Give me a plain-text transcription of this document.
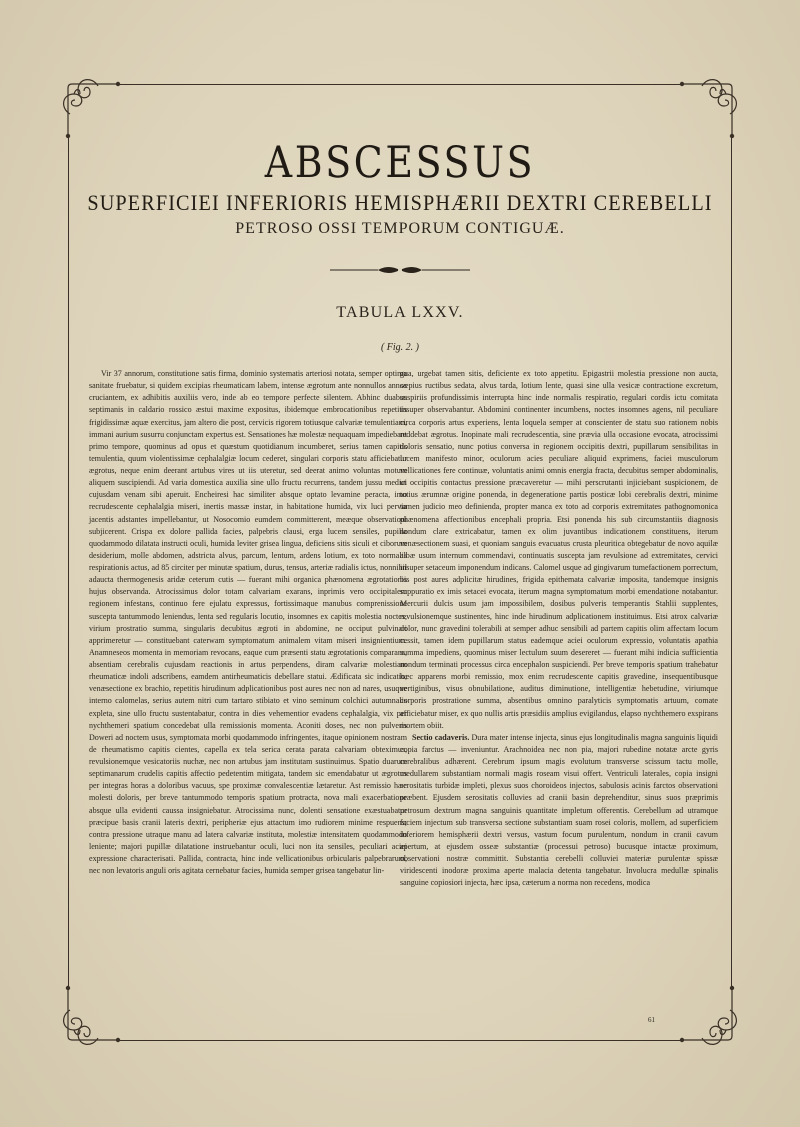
ABSCESSUS
SUPERFICIEI INFERIORIS HEMISPHÆRII DEXTRI CEREBELLI
PETROSO OSSI TEMPORUM CONTIGUÆ.
TABULA LXXV.
( Fig. 2. )

Vir 37 annorum, constitutione satis firma, dominio systematis arteriosi notata, semper optima sanitate fruebatur, si quidem excipias rheumaticam labem, intense ægrotum ante nonnullos annos cruciantem, ex adhibitis auxiliis vero, inde ab eo tempore perfecte silentem. Abhinc duabus septimanis in caldario rossico æstui maxime expositus, ibidemque embrocationibus repetitis frigidissimæ aquæ exercitus, jam altero die post, cervicis rigorem totiusque calvariæ temulentiam, immani aurium susurru conjunctam expertus est. Sensationes hæ molestæ nequaquam impediebant primo tempore, quominus ad opus et quæstum quotidianum incumberet, serius tamen capitis temulentia, quum violentissimæ cephalalgiæ locum cederet, singulari corporis statu afficiebatur ægrotus, neque enim deerant artubus vires ut iis uteretur, sed deerat animo voluntas motum aliquem suscipiendi. Ad varia domestica auxilia sine ullo fructu recurrens, tandem jussu medici cujusdam venam sibi aperuit. Encheiresi hac similiter absque optato levamine peracta, imo recrudescente cephalalgia miseri, inertis massæ instar, in habitatione humida, vix luci pervia jacentis adstantes impellebantur, ut Nosocomio eumdem committerent, meæque observationi subjicerent. Crispa ex dolore pallida facies, palpebris clausi, erga lucem sensiles, pupilla quodammodo dilatata instructi oculi, humida leviter grisea lingua, deficiens sitis siculi et ciborum desiderium, molle abdomen, adstricta alvus, parcum, lentum, ardens lotium, ex toto normalis respirationis actus, ad 85 circiter per minutæ spatium, durus, tensus, arteriæ radialis ictus, nonnihil adaucta thermogenesis aridæ ceterum cutis — fuerant mihi organica phænomena ægrotationis hujus observanda. Atrocissimus dolor totam calvariam exarans, inprimis vero occipitalem regionem infestans, continuo fere ejulatu expressus, fortissimaque manubus comprenissione suscepta tantummodo leniendus, lenta sed regularis locutio, insomnes ex capitis molestia noctes, virium prostratio summa, singularis decubitus ægroti in abdomine, ne occiput pulvinari apprimeretur — constituebant caterwam symptomatum animalem vitam miseri insignientium. Anamneseos momenta in memoriam revocans, eaque cum præsenti statu ægrotationis comparans, absentiam cerebralis cujusdam reactionis in artus perpendens, diram calvariæ molestiam rheumaticæ indoli adscribens, eamdem antirheumaticis debellare statui. Ædificata sic indicatio, venæsectione ex brachio, repetitis hirudinum adplicationibus post aures nec non ad nares, usuque interno calomelas, serius autem nitri cum tartaro stibiato et vino seminum colchici autumnalis expleta, sine ullo fructu sustentabatur, contra in dies vehementior evadens cephalalgia, vix per nychthemeri spatium concedebat ulla remissionis momenta. Aconiti doses, nec non pulveris Doweri ad noctem usus, symptomata morbi quodammodo infringentes, itaque opinionem nostram de rheumatismo capitis cientes, capella ex tela serica cerata parata calvariam obteximus, revulsionemque vesicatoriis nuchæ, nec non artubus jam institutam sustinuimus. Spatio duarum septimanarum crudelis capitis affectio pedetentim mitigata, tandem sic emendabatur ut ægrotus per integras horas a doloribus vacuus, spe proximæ convalescentiæ lætaretur. Ast remissio hæc molesti doloris, per breve tantummodo temporis spatium protracta, nova mali exacerbatione absque ulla evidenti caussa insigniebatur. Atrocissima nunc, dolenti sensatione exæstuabatur præcipue basis cranii lateris dextri, peripheriæ ejus attactum imo rudiorem minime respuens; contra pressione utraque manu ad latera calvariæ instituta, molestiæ intensitatem quodammodo leniente; majori pupillæ dilatatione instruebantur oculi, luci non ita sensiles, peculiari aciei expressione characterisati. Pallida, contracta, hinc inde vellicationibus orbicularis palpebrarum, nec non levatoris anguli oris agitata cernebatur facies, humida semper grisea tangebatur lin-

gua, urgebat tamen sitis, deficiente ex toto appetitu. Epigastrii molestia pressione non aucta, sæpius ructibus sedata, alvus tarda, lotium lente, quasi sine ulla vesicæ contractione excretum, suspiriis profundissimis interrupta hinc inde normalis respiratio, regulari cordis ictu comitata insuper observabantur. Abdomini continenter incumbens, noctes insomnes agens, nil peculiare circa corporis artus experiens, lenta loquela semper at conscienter de statu suo rationem nobis reddebat ægrotus. Inopinate mali recrudescentia, sine prævia ulla occasione evocata, atrocissimi doloris sensatio, nunc potius conversa in regionem occipitis dextri, pupillarum sensibilitas in lucem manifesto minor, oculorum acies peculiare aliquid exprimens, faciei musculorum vellicationes fere continuæ, voluntatis animi omnis energia fracta, decubitus semper abdominalis, ut occipitis contactus pressione præcaveretur — mihi perscrutanti injiciebant suspicionem, de totius ærumnæ origine ponenda, in degeneratione partis posticæ lobi cerebralis dextri, minime tamen judicio meo definienda, propter manca ex toto ad corporis extremitates pathognomonica phænomena affectionibus encephali propria. Etsi ponenda his sub circumstantiis diagnosis nondum clare extricabatur, tamen ex olim juvantibus indicationem constituens, iterum venæsectionem suasi, et quoniam sanguis evacuatus crusta pleuritica obtegebatur de novo aquilæ albæ usum internum commendavi, continuatis suscepta jam revulsione ad extremitates, cervici insuper setaceum imponendum indicans. Calomel usque ad gingivarum tumefactionem porrectum, bis post aures adplicitæ hirudines, frigida epithemata calvariæ imposita, tandemque insignis suppuratio ex imis setacei evocata, iterum magna symptomatum morbi emendatione notabantur. Mercurii dulcis usum jam impossibilem, dosibus pulveris temperantis Stahlii supplentes, revulsionemque sustinentes, hinc inde hirudinum adplicationem instituimus. Etsi atrox calvariæ dolor, nunc gravedini tolerabili at semper adhuc sensibili ad partem capitis olim affectam locum cessit, tamen idem pupillarum status eademque aciei oculorum expressio, voluntatis apathia summa impediens, quominus miser lectulum suum desereret — fuerant mihi indicia sufficientia nondum terminati processus circa encephalon suspiciendi. Per breve temporis spatium trahebatur hæc apparens morbi remissio, mox enim recrudescente capitis gravedine, insequentibusque vertiginibus, visus obnubilatione, auditus diminutione, intelligentiæ hebetudine, viriumque corporis prostratione summa, absentibus omnino paralyticis symptomatis artuum, comate afficiebatur miser, ex quo nullis artis præsidiis amplius evigilandus, elapso nychthemero exspirans mortem obiit.

Sectio cadaveris. Dura mater intense injecta, sinus ejus longitudinalis magna sanguinis liquidi copia farctus — inveniuntur. Arachnoidea nec non pia, majori rubedine notatæ arcte gyris cerebralibus adhærent. Cerebrum ipsum magis evolutum transverse scissum tactu molle, medullarem substantiam normali magis roseam visui offert. Ventriculi laterales, copia insigni serositatis turbidæ impleti, plexus suos choroideos injectos, sabulosis acinis farctos observationi præbent. Ejusdem serositatis colluvies ad cranii basin deprehenditur, sinus suos præprimis petrosum dextrum magna sanguinis quantitate impletum offerentis. Cerebellum ad utramque faciem injectum sub transversa sectione substantiam suam rosei coloris, mollem, ad superficiem inferiorem hemisphærii dextri versus, vastum focum purulentum, nondum in cranii cavum apertum, at ejusdem osseæ substantiæ (processui petroso) bucusque intactæ proximum, observationi nostræ committit. Substantia cerebelli colluviei materiæ purulentæ spissæ viridescenti inodoræ proxima aperte malacia detenta tangebatur. Involucra medullæ spinalis sanguine copiosiori injecta, hæc ipsa, cæterum a norma non recedens, modica

61
